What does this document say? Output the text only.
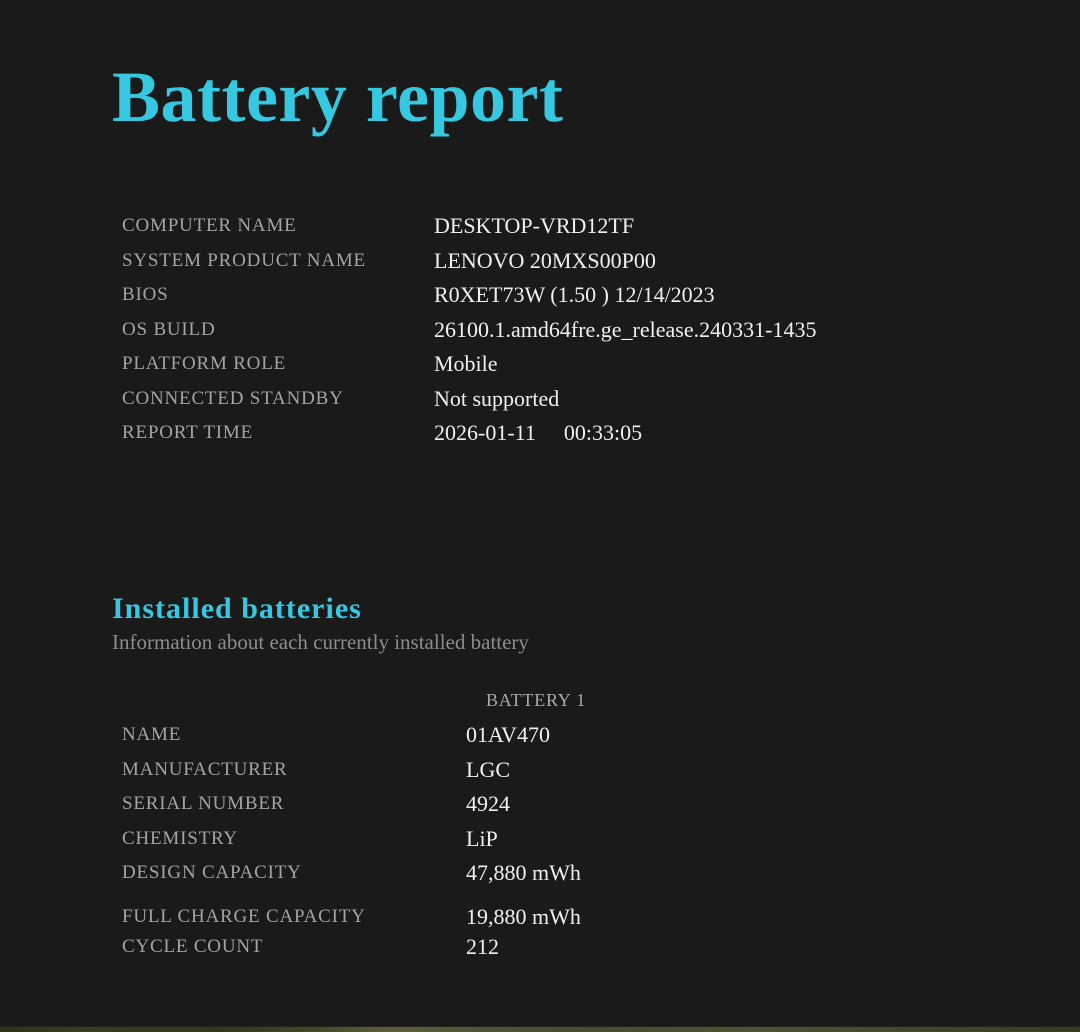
Battery report
COMPUTER NAME	DESKTOP-VRD12TF
SYSTEM PRODUCT NAME	LENOVO 20MXS00P00
BIOS	R0XET73W (1.50 ) 12/14/2023
OS BUILD	26100.1.amd64fre.ge_release.240331-1435
PLATFORM ROLE	Mobile
CONNECTED STANDBY	Not supported
REPORT TIME	2026-01-11 00:33:05
Installed batteries
Information about each currently installed battery
	BATTERY 1
NAME	01AV470
MANUFACTURER	LGC
SERIAL NUMBER	4924
CHEMISTRY	LiP
DESIGN CAPACITY	47,880 mWh
FULL CHARGE CAPACITY	19,880 mWh
CYCLE COUNT	212
